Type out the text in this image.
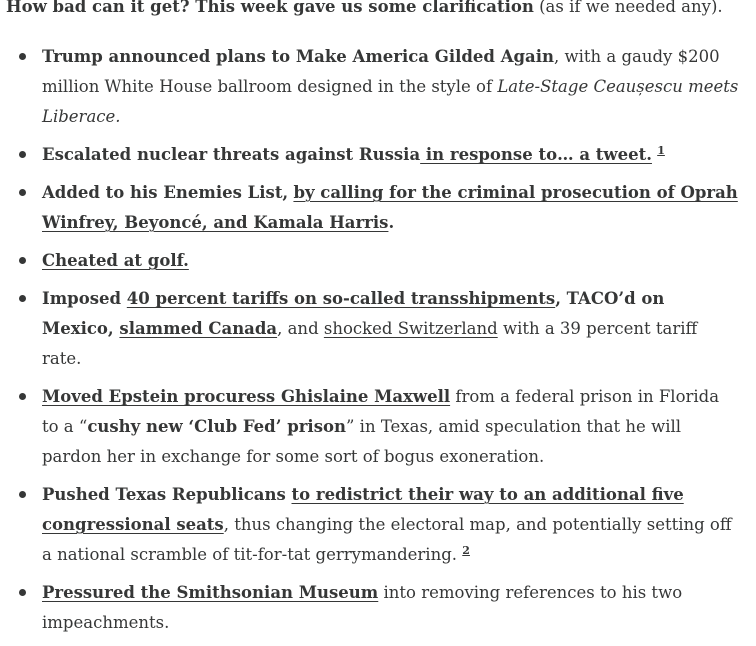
How bad can it get? This week gave us some clarification (as if we needed any).

Trump announced plans to Make America Gilded Again, with a gaudy $200 million White House ballroom designed in the style of Late-Stage Ceaușescu meets Liberace.
Escalated nuclear threats against Russia in response to… a tweet. $^1$
Added to his Enemies List, by calling for the criminal prosecution of Oprah Winfrey, Beyoncé, and Kamala Harris.
Cheated at golf.
Imposed 40 percent tariffs on so-called transshipments, TACO’d on Mexico, slammed Canada, and shocked Switzerland with a 39 percent tariff rate.
Moved Epstein procuress Ghislaine Maxwell from a federal prison in Florida to a “cushy new ‘Club Fed’ prison” in Texas, amid speculation that he will pardon her in exchange for some sort of bogus exoneration.
Pushed Texas Republicans to redistrict their way to an additional five congressional seats, thus changing the electoral map, and potentially setting off a national scramble of tit-for-tat gerrymandering. $^2$
Pressured the Smithsonian Museum into removing references to his two impeachments.
